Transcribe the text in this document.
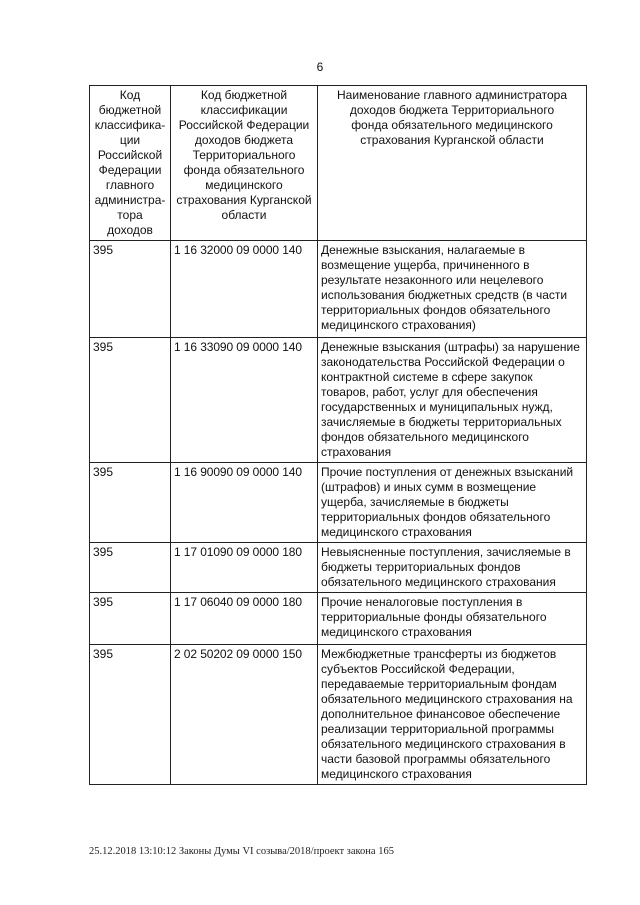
6
Код бюджетной классифика-ции Российской Федерации главного администра-тора доходов	Код бюджетной классификации Российской Федерации доходов бюджета Территориального фонда обязательного медицинского страхования Курганской области	Наименование главного администратора доходов бюджета Территориального фонда обязательного медицинского страхования Курганской области
395	1 16 32000 09 0000 140	Денежные взыскания, налагаемые в возмещение ущерба, причиненного в результате незаконного или нецелевого использования бюджетных средств (в части территориальных фондов обязательного медицинского страхования)
395	1 16 33090 09 0000 140	Денежные взыскания (штрафы) за нарушение законодательства Российской Федерации о контрактной системе в сфере закупок товаров, работ, услуг для обеспечения государственных и муниципальных нужд, зачисляемые в бюджеты территориальных фондов обязательного медицинского страхования
395	1 16 90090 09 0000 140	Прочие поступления от денежных взысканий (штрафов) и иных сумм в возмещение ущерба, зачисляемые в бюджеты территориальных фондов обязательного медицинского страхования
395	1 17 01090 09 0000 180	Невыясненные поступления, зачисляемые в бюджеты территориальных фондов обязательного медицинского страхования
395	1 17 06040 09 0000 180	Прочие неналоговые поступления в территориальные фонды обязательного медицинского страхования
395	2 02 50202 09 0000 150	Межбюджетные трансферты из бюджетов субъектов Российской Федерации, передаваемые территориальным фондам обязательного медицинского страхования на дополнительное финансовое обеспечение реализации территориальной программы обязательного медицинского страхования в части базовой программы обязательного медицинского страхования
25.12.2018 13:10:12 Законы Думы VI созыва/2018/проект закона 165
